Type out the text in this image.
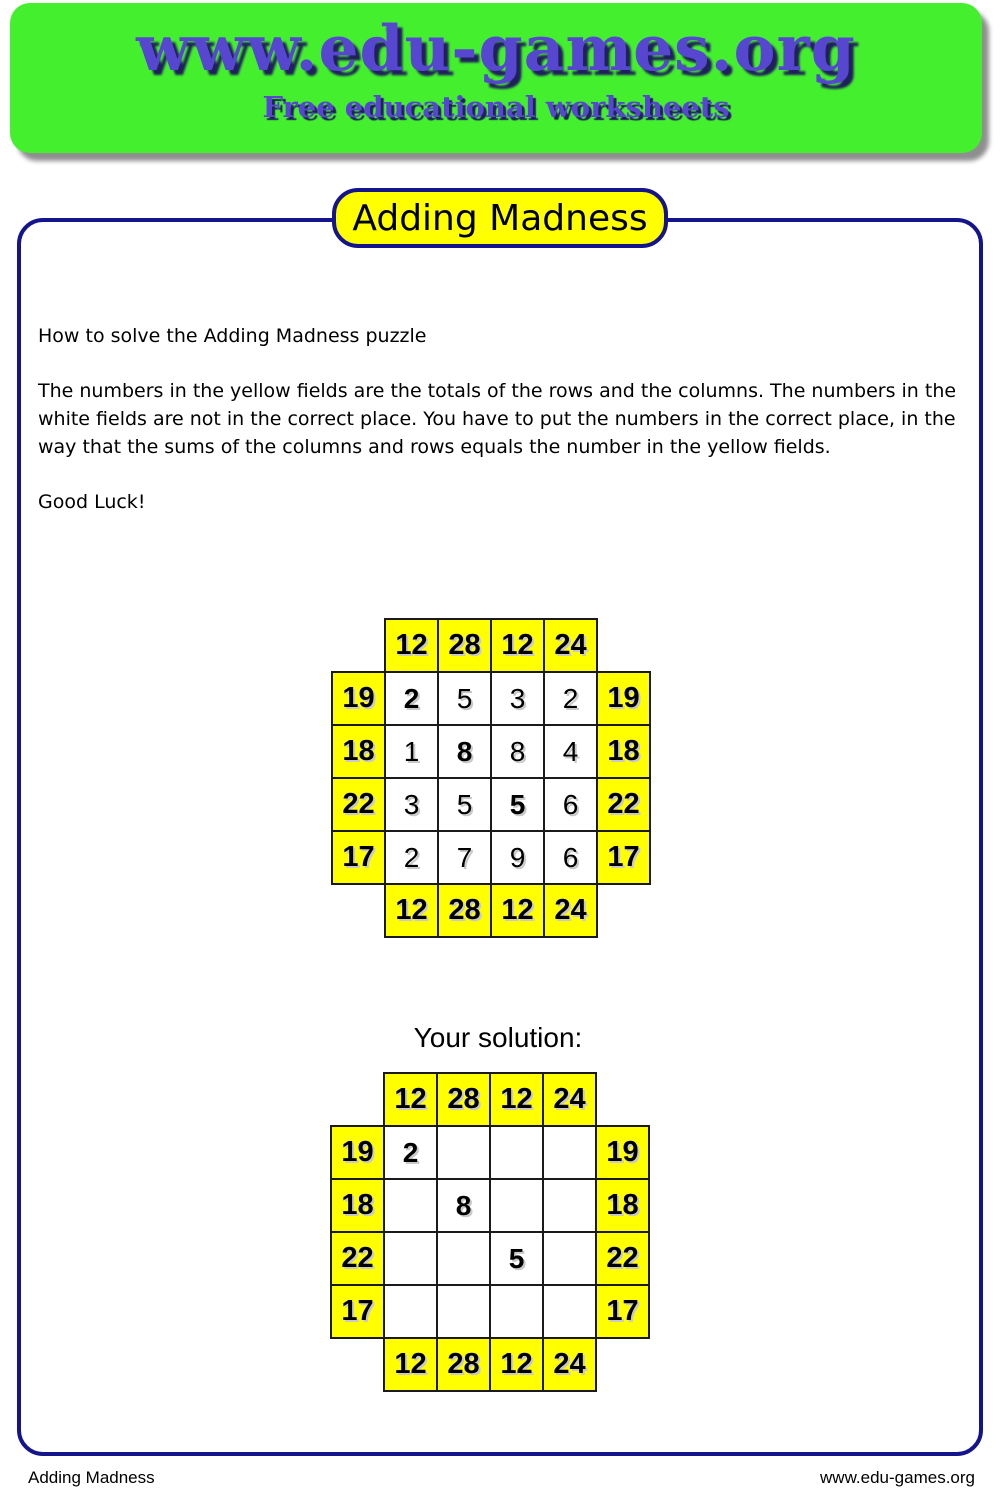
www.edu-games.org
Free educational worksheets
Adding Madness
How to solve the Adding Madness puzzle
The numbers in the yellow fields are the totals of the rows and the columns. The numbers in the white fields are not in the correct place. You have to put the numbers in the correct place, in the way that the sums of the columns and rows equals the number in the yellow fields.
Good Luck!
	12	28	12	24	
19	2	5	3	2	19
18	1	8	8	4	18
22	3	5	5	6	22
17	2	7	9	6	17
	12	28	12	24	
Your solution:
	12	28	12	24	
19	2				19
18		8			18
22			5		22
17					17
	12	28	12	24	
Adding Madness	www.edu-games.org
